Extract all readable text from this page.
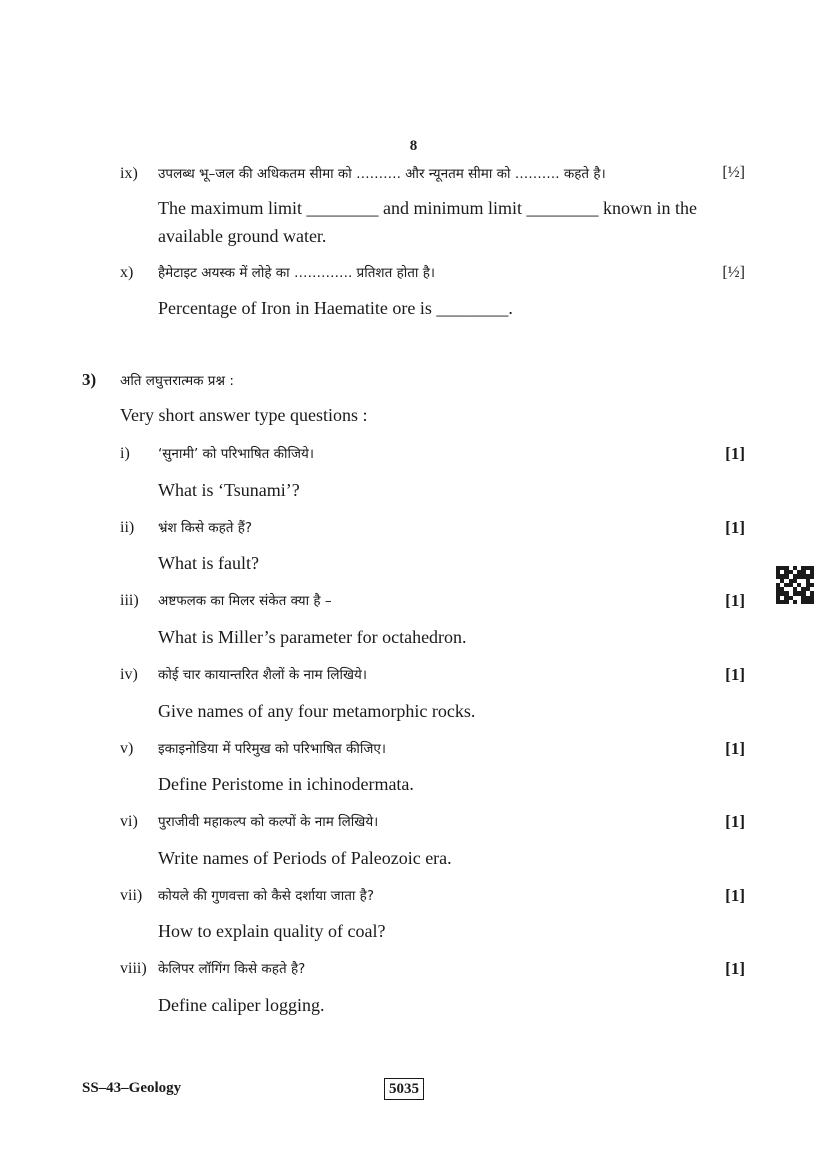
8
ix) उपलब्ध भू–जल की अधिकतम सीमा को ………. और न्यूनतम सीमा को ………. कहते है।	[½]
The maximum limit ________ and minimum limit ________ known in the
available ground water.
x) हैमेटाइट अयस्क में लोहे का …………. प्रतिशत होता है।	[½]
Percentage of Iron in Haematite ore is ________.
3) अति लघुत्तरात्मक प्रश्न :
Very short answer type questions :
i) ‘सुनामी’ को परिभाषित कीजिये।	[1]
What is ‘Tsunami’?
ii) भ्रंश किसे कहते हैं?	[1]
What is fault?
iii) अष्टफलक का मिलर संकेत क्या है –	[1]
What is Miller’s parameter for octahedron.
iv) कोई चार कायान्तरित शैलों के नाम लिखिये।	[1]
Give names of any four metamorphic rocks.
v) इकाइनोडिया में परिमुख को परिभाषित कीजिए।	[1]
Define Peristome in ichinodermata.
vi) पुराजीवी महाकल्प को कल्पों के नाम लिखिये।	[1]
Write names of Periods of Paleozoic era.
vii) कोयले की गुणवत्ता को कैसे दर्शाया जाता है?	[1]
How to explain quality of coal?
viii) केलिपर लॉगिंग किसे कहते है?	[1]
Define caliper logging.
SS–43–Geology	5035
